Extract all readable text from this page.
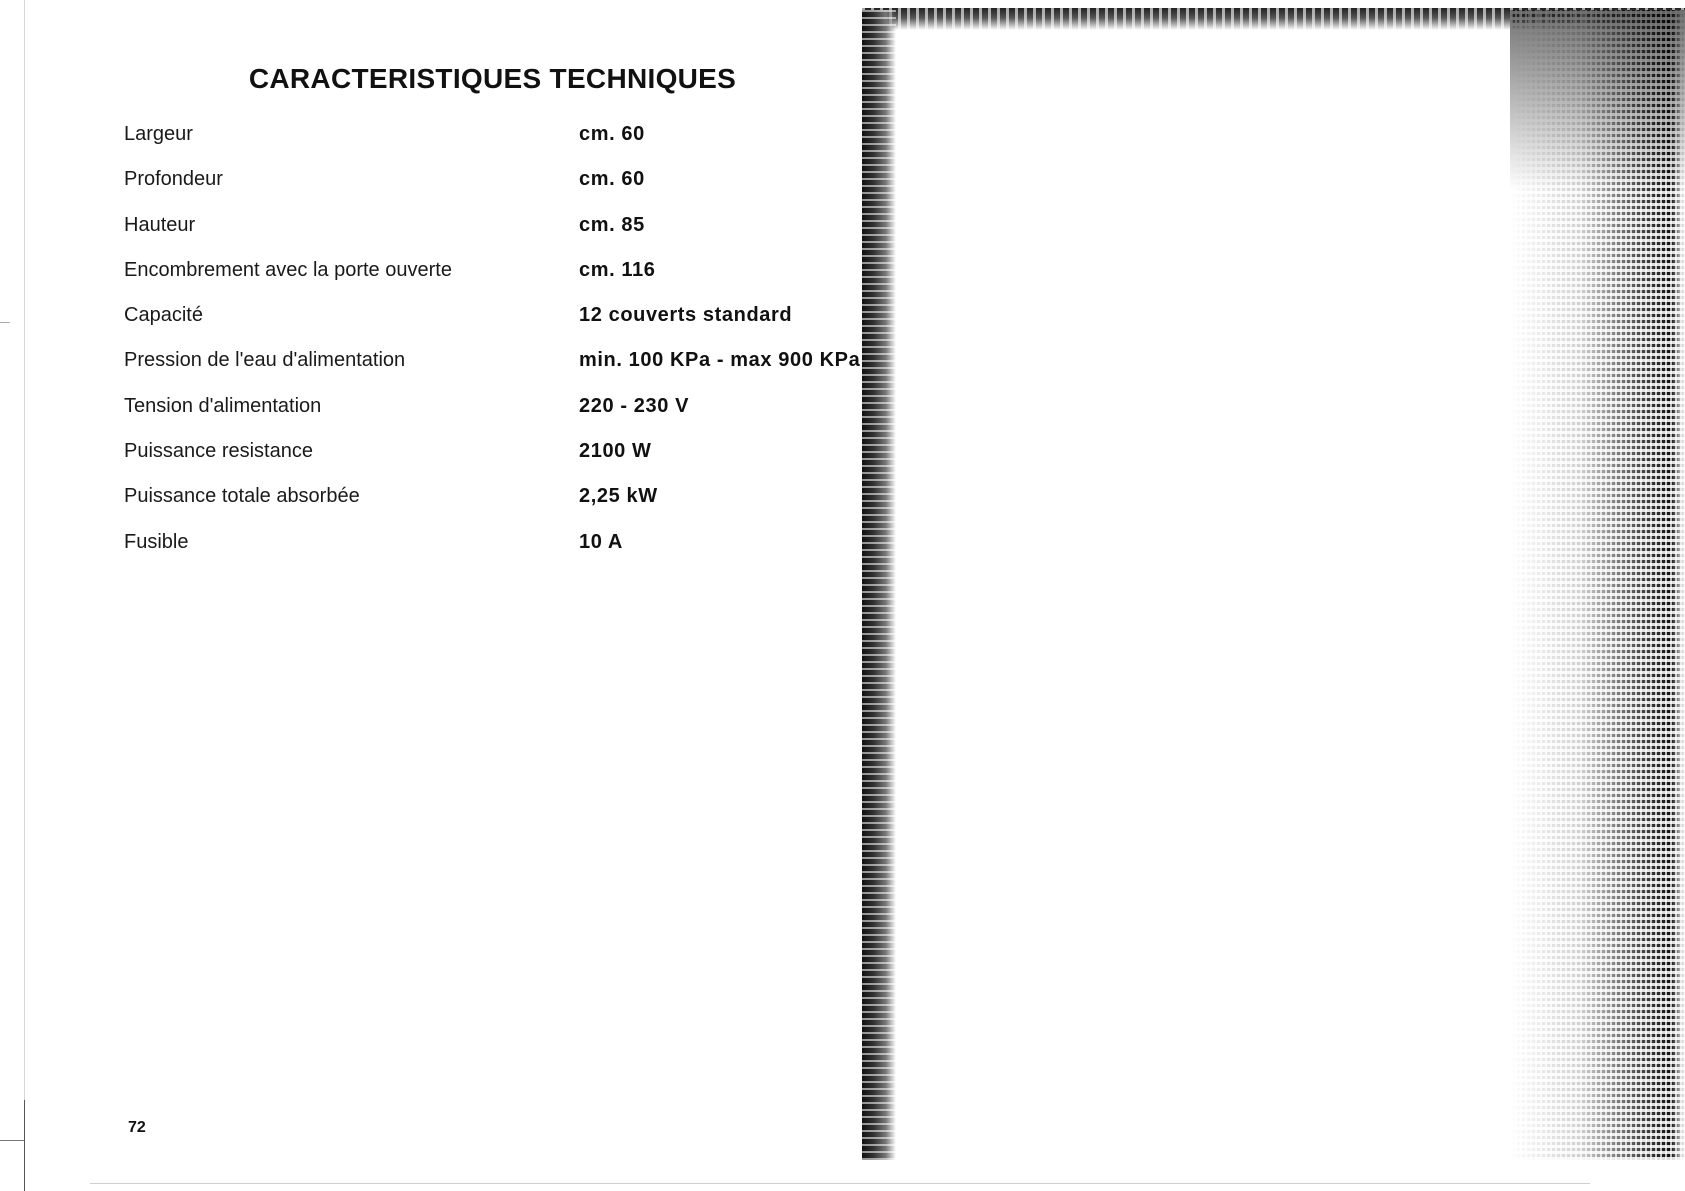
CARACTERISTIQUES TECHNIQUES
Largeur	cm. 60
Profondeur	cm. 60
Hauteur	cm. 85
Encombrement avec la porte ouverte	cm. 116
Capacité	12 couverts standard
Pression de l'eau d'alimentation	min. 100 KPa - max 900 KPa
Tension d'alimentation	220 - 230 V
Puissance resistance	2100 W
Puissance totale absorbée	2,25 kW
Fusible	10 A
72
